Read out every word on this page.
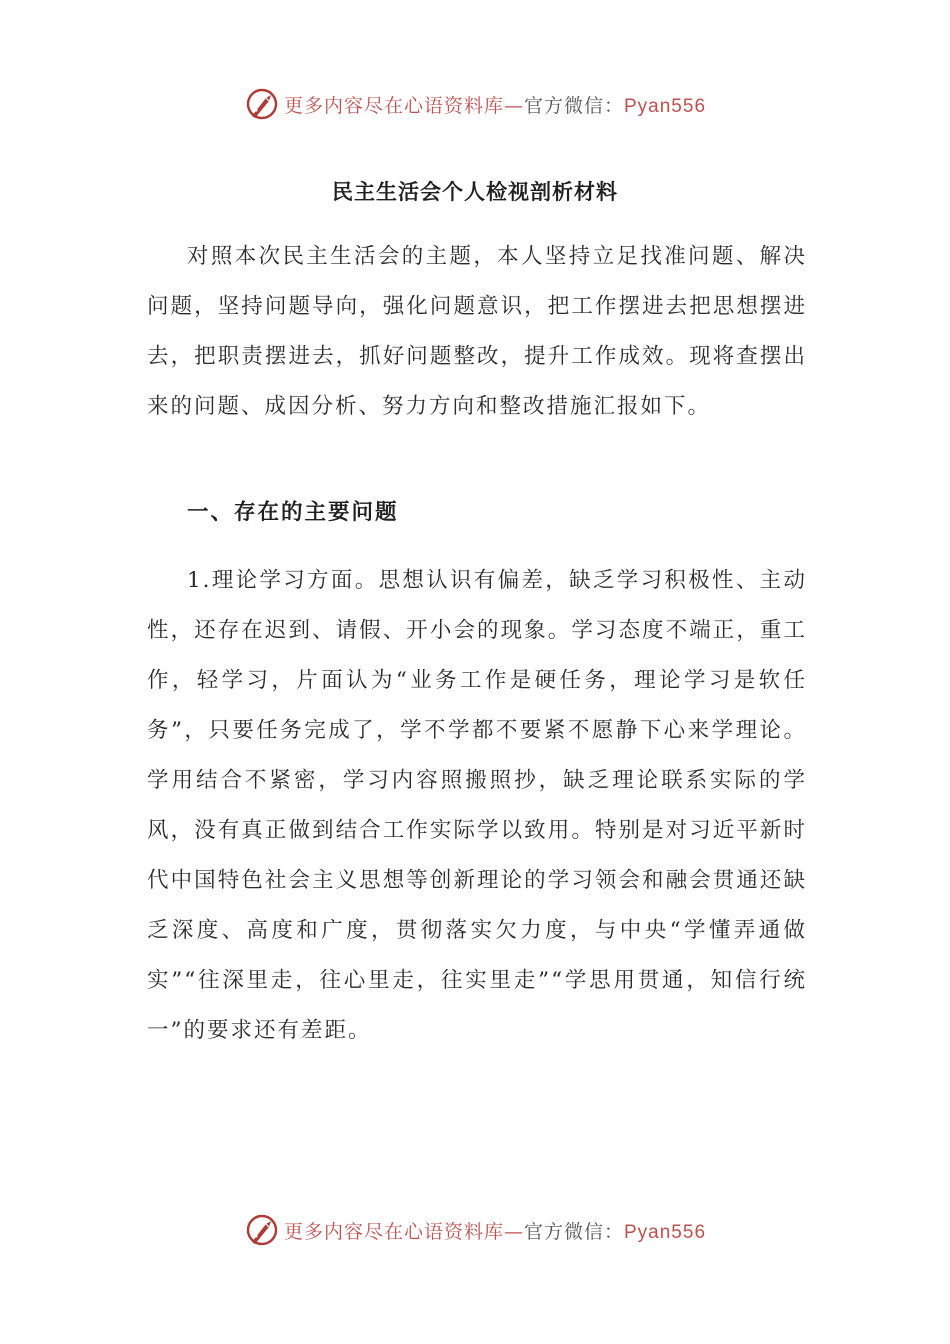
更多内容尽在心语资料库—官方微信：Pyan556
民主生活会个人检视剖析材料
对照本次民主生活会的主题，本人坚持立足找准问题、解决问题，坚持问题导向，强化问题意识，把工作摆进去把思想摆进去，把职责摆进去，抓好问题整改，提升工作成效。现将查摆出来的问题、成因分析、努力方向和整改措施汇报如下。
一、存在的主要问题
1.理论学习方面。思想认识有偏差，缺乏学习积极性、主动性，还存在迟到、请假、开小会的现象。学习态度不端正，重工作，轻学习，片面认为“业务工作是硬任务，理论学习是软任务”，只要任务完成了，学不学都不要紧不愿静下心来学理论。学用结合不紧密，学习内容照搬照抄，缺乏理论联系实际的学风，没有真正做到结合工作实际学以致用。特别是对习近平新时代中国特色社会主义思想等创新理论的学习领会和融会贯通还缺乏深度、高度和广度，贯彻落实欠力度，与中央“学懂弄通做实”“往深里走，往心里走，往实里走”“学思用贯通，知信行统一”的要求还有差距。
更多内容尽在心语资料库—官方微信：Pyan556
